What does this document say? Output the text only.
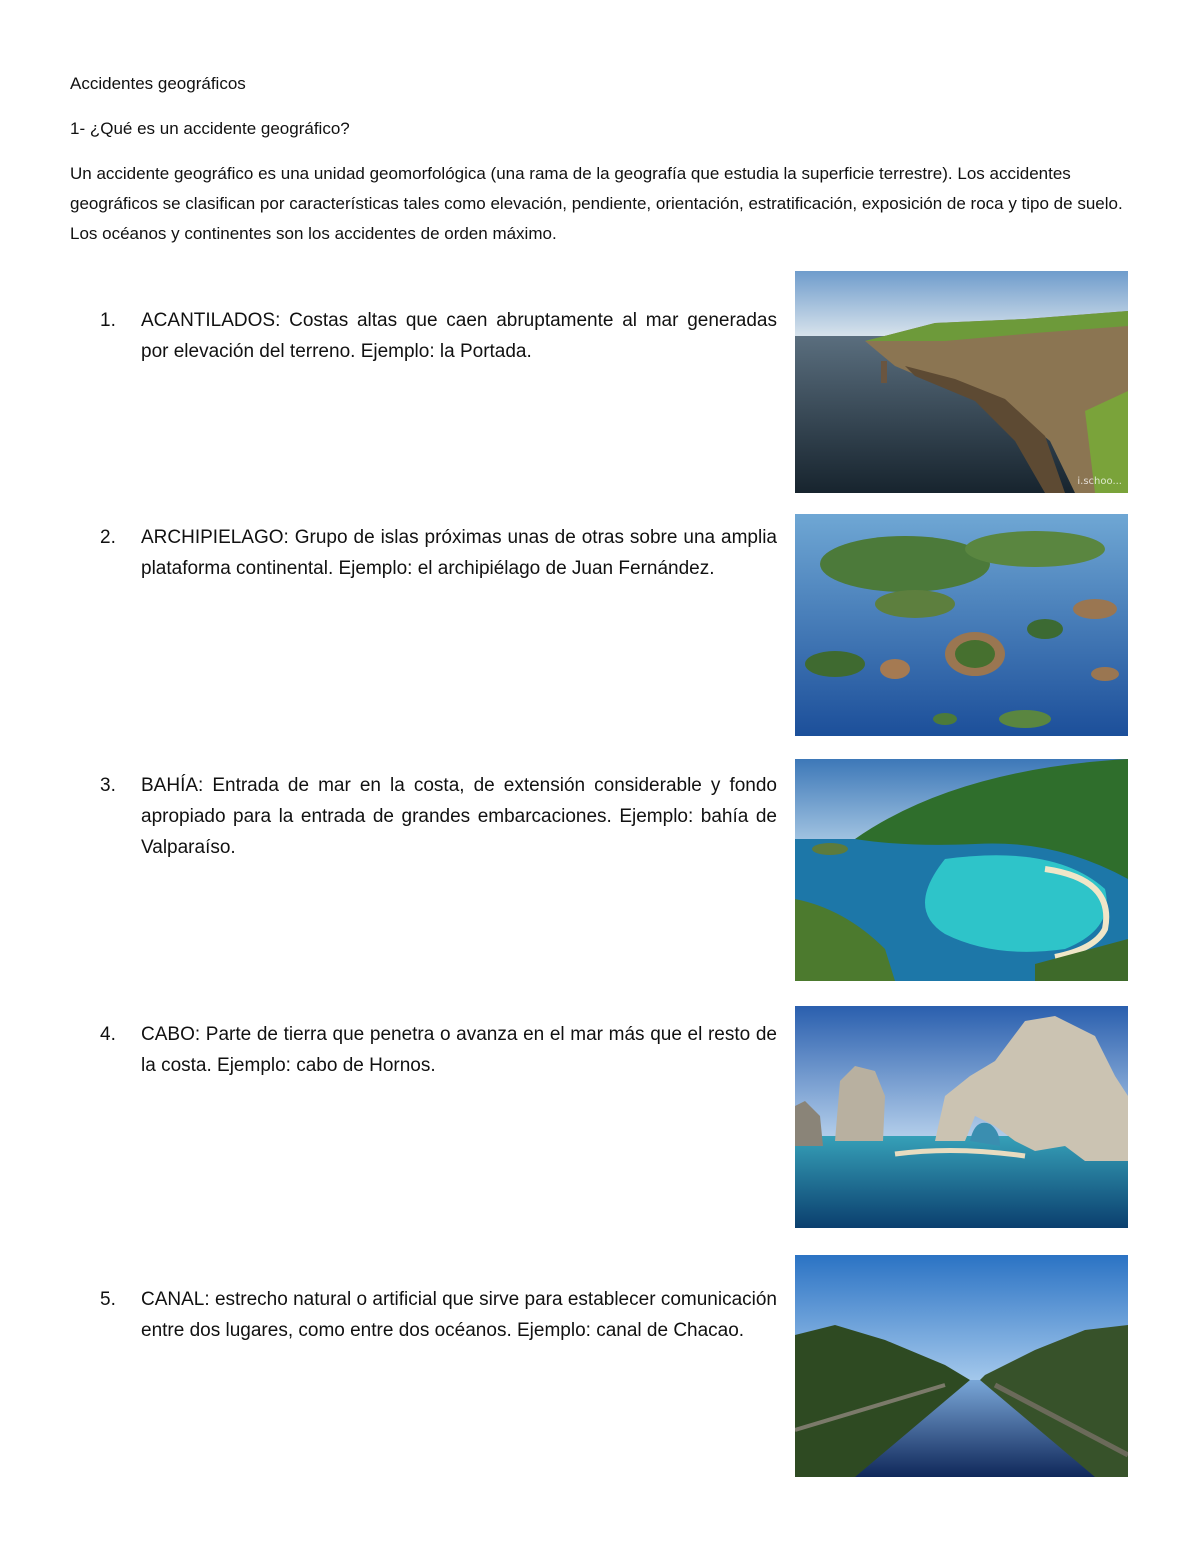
Accidentes geográficos
1- ¿Qué es un accidente geográfico?

Un accidente geográfico es una unidad geomorfológica (una rama de la geografía que estudia la superficie terrestre). Los accidentes geográficos se clasifican por características tales como elevación, pendiente, orientación, estratificación, exposición de roca y tipo de suelo. Los océanos y continentes son los accidentes de orden máximo.

1.	ACANTILADOS: Costas altas que caen abruptamente al mar generadas por elevación del terreno. Ejemplo: la Portada.
i.schoo...
2.	ARCHIPIELAGO: Grupo de islas próximas unas de otras sobre una amplia plataforma continental. Ejemplo: el archipiélago de Juan Fernández.
3.	BAHÍA: Entrada de mar en la costa, de extensión considerable y fondo apropiado para la entrada de grandes embarcaciones. Ejemplo: bahía de Valparaíso.
4.	CABO: Parte de tierra que penetra o avanza en el mar más que el resto de la costa. Ejemplo: cabo de Hornos.
5.	CANAL: estrecho natural o artificial que sirve para establecer comunicación entre dos lugares, como entre dos océanos. Ejemplo: canal de Chacao.
